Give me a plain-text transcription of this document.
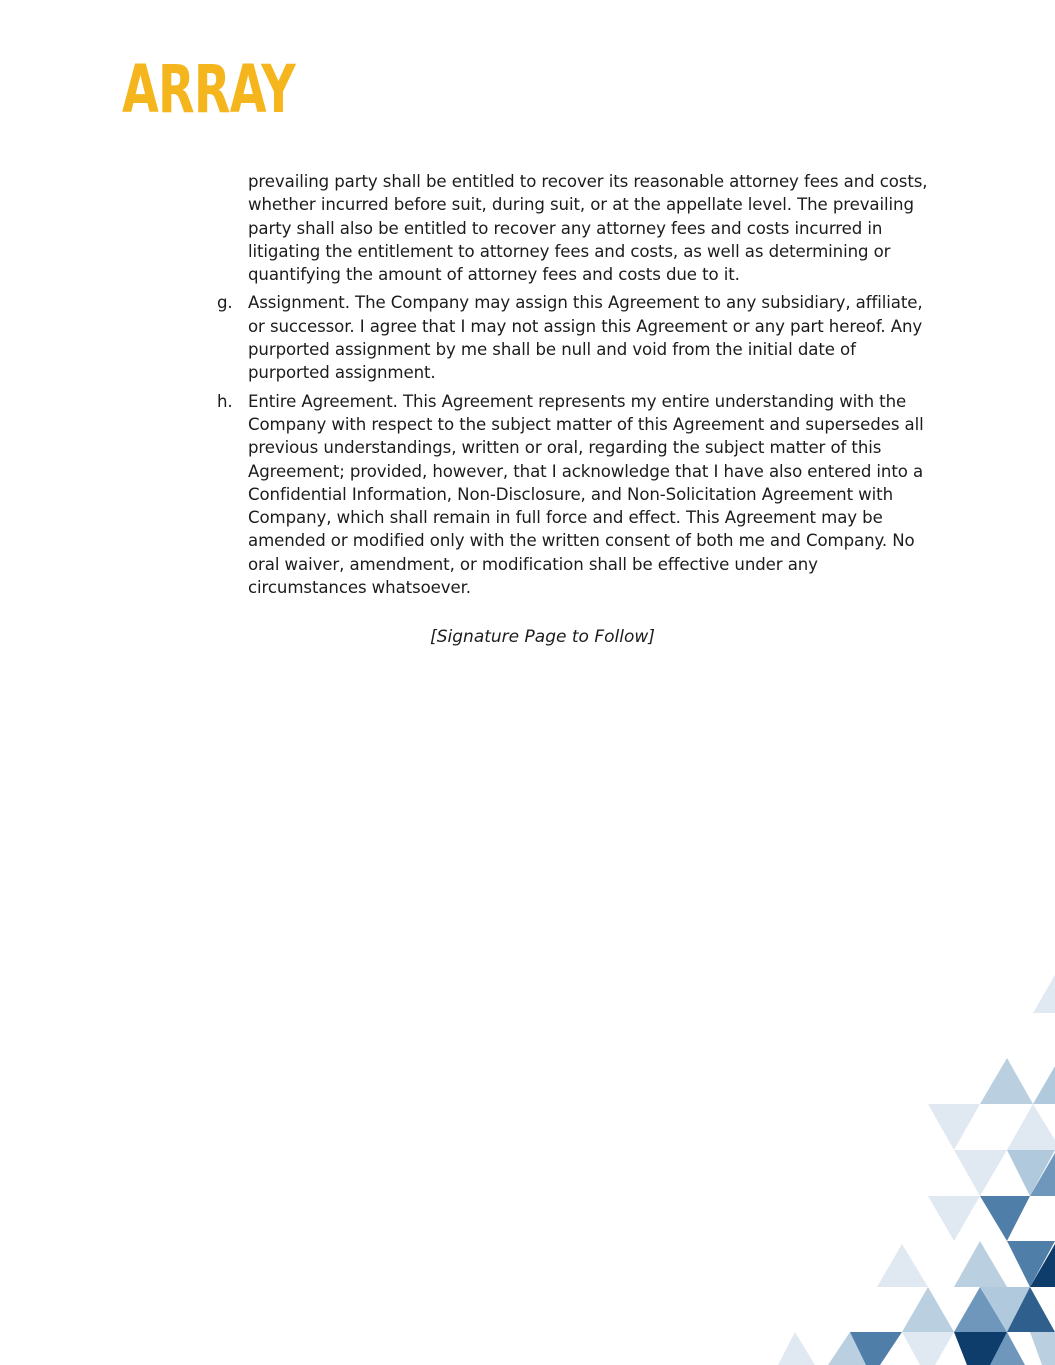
ARRAY

prevailing party shall be entitled to recover its reasonable attorney fees and costs, whether incurred before suit, during suit, or at the appellate level. The prevailing party shall also be entitled to recover any attorney fees and costs incurred in litigating the entitlement to attorney fees and costs, as well as determining or quantifying the amount of attorney fees and costs due to it.

g. Assignment. The Company may assign this Agreement to any subsidiary, affiliate, or successor. I agree that I may not assign this Agreement or any part hereof. Any purported assignment by me shall be null and void from the initial date of purported assignment.
h. Entire Agreement. This Agreement represents my entire understanding with the Company with respect to the subject matter of this Agreement and supersedes all previous understandings, written or oral, regarding the subject matter of this Agreement; provided, however, that I acknowledge that I have also entered into a Confidential Information, Non-Disclosure, and Non-Solicitation Agreement with Company, which shall remain in full force and effect. This Agreement may be amended or modified only with the written consent of both me and Company. No oral waiver, amendment, or modification shall be effective under any circumstances whatsoever.
[Signature Page to Follow]
